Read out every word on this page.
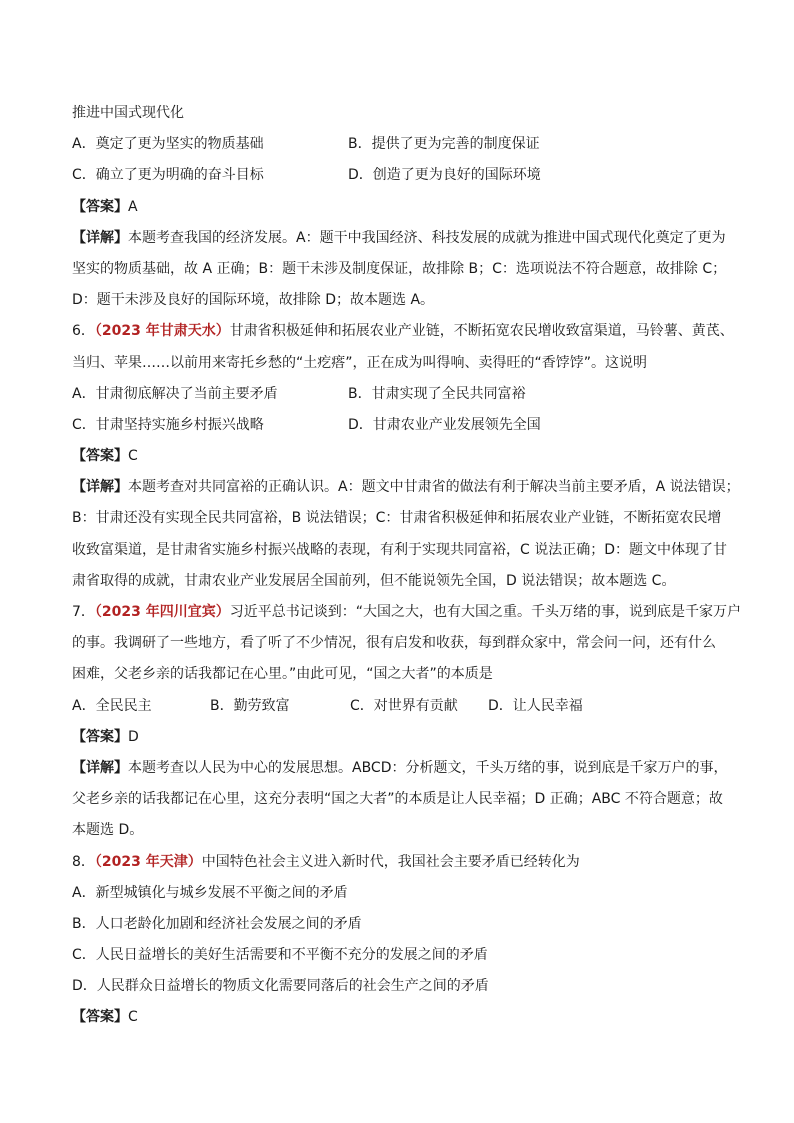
推进中国式现代化
A．奠定了更为坚实的物质基础	B．提供了更为完善的制度保证
C．确立了更为明确的奋斗目标	D．创造了更为良好的国际环境
【答案】A
【详解】本题考查我国的经济发展。A：题干中我国经济、科技发展的成就为推进中国式现代化奠定了更为
坚实的物质基础，故 A 正确；B：题干未涉及制度保证，故排除 B；C：选项说法不符合题意，故排除 C；
D：题干未涉及良好的国际环境，故排除 D；故本题选 A。
6．（2023 年甘肃天水）甘肃省积极延伸和拓展农业产业链，不断拓宽农民增收致富渠道，马铃薯、黄芪、
当归、苹果……以前用来寄托乡愁的“土疙瘩”，正在成为叫得响、卖得旺的“香饽饽”。这说明
A．甘肃彻底解决了当前主要矛盾	B．甘肃实现了全民共同富裕
C．甘肃坚持实施乡村振兴战略	D．甘肃农业产业发展领先全国
【答案】C
【详解】本题考查对共同富裕的正确认识。A：题文中甘肃省的做法有利于解决当前主要矛盾，A 说法错误；
B：甘肃还没有实现全民共同富裕，B 说法错误；C：甘肃省积极延伸和拓展农业产业链，不断拓宽农民增
收致富渠道，是甘肃省实施乡村振兴战略的表现，有利于实现共同富裕，C 说法正确；D：题文中体现了甘
肃省取得的成就，甘肃农业产业发展居全国前列，但不能说领先全国，D 说法错误；故本题选 C。
7．（2023 年四川宜宾）习近平总书记谈到：“大国之大，也有大国之重。千头万绪的事，说到底是千家万户
的事。我调研了一些地方，看了听了不少情况，很有启发和收获，每到群众家中，常会问一问，还有什么
困难，父老乡亲的话我都记在心里。”由此可见，“国之大者”的本质是
A．全民民主	B．勤劳致富	C．对世界有贡献	D．让人民幸福
【答案】D
【详解】本题考查以人民为中心的发展思想。ABCD：分析题文，千头万绪的事，说到底是千家万户的事，
父老乡亲的话我都记在心里，这充分表明“国之大者”的本质是让人民幸福；D 正确；ABC 不符合题意；故
本题选 D。
8．（2023 年天津）中国特色社会主义进入新时代，我国社会主要矛盾已经转化为
A．新型城镇化与城乡发展不平衡之间的矛盾
B．人口老龄化加剧和经济社会发展之间的矛盾
C．人民日益增长的美好生活需要和不平衡不充分的发展之间的矛盾
D．人民群众日益增长的物质文化需要同落后的社会生产之间的矛盾
【答案】C
